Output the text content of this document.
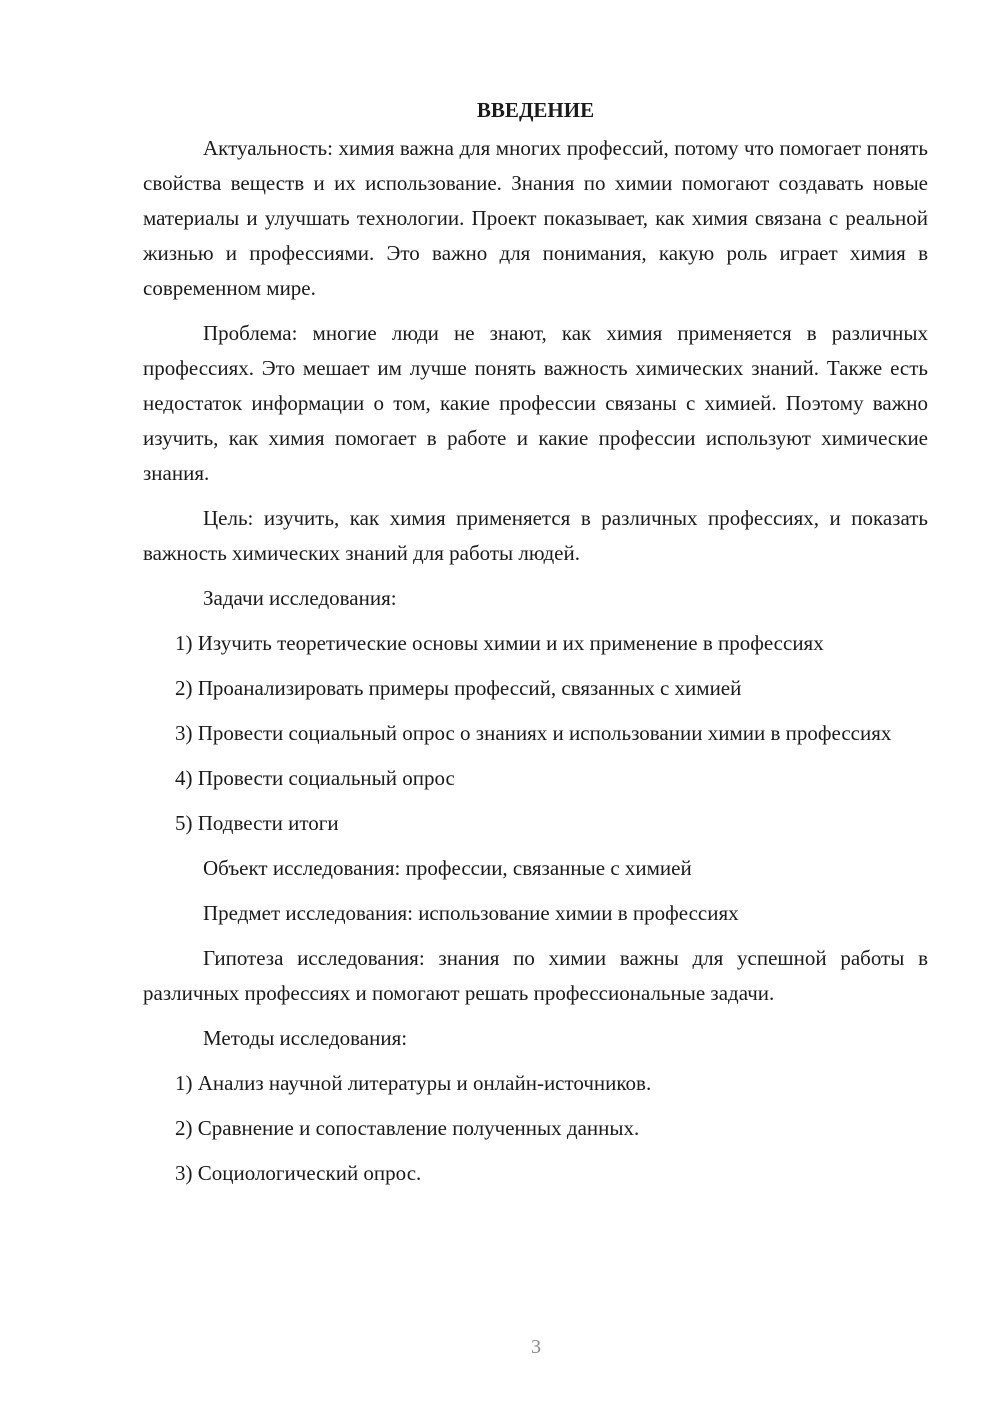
ВВЕДЕНИЕ

Актуальность: химия важна для многих профессий, потому что помогает понять свойства веществ и их использование. Знания по химии помогают создавать новые материалы и улучшать технологии. Проект показывает, как химия связана с реальной жизнью и профессиями. Это важно для понимания, какую роль играет химия в современном мире.

Проблема: многие люди не знают, как химия применяется в различных профессиях. Это мешает им лучше понять важность химических знаний. Также есть недостаток информации о том, какие профессии связаны с химией. Поэтому важно изучить, как химия помогает в работе и какие профессии используют химические знания.

Цель: изучить, как химия применяется в различных профессиях, и показать важность химических знаний для работы людей.

Задачи исследования:

1) Изучить теоретические основы химии и их применение в профессиях

2) Проанализировать примеры профессий, связанных с химией

3) Провести социальный опрос о знаниях и использовании химии в профессиях

4) Провести социальный опрос

5) Подвести итоги

Объект исследования: профессии, связанные с химией

Предмет исследования: использование химии в профессиях

Гипотеза исследования: знания по химии важны для успешной работы в различных профессиях и помогают решать профессиональные задачи.

Методы исследования:

1) Анализ научной литературы и онлайн-источников.

2) Сравнение и сопоставление полученных данных.

3) Социологический опрос.

3
